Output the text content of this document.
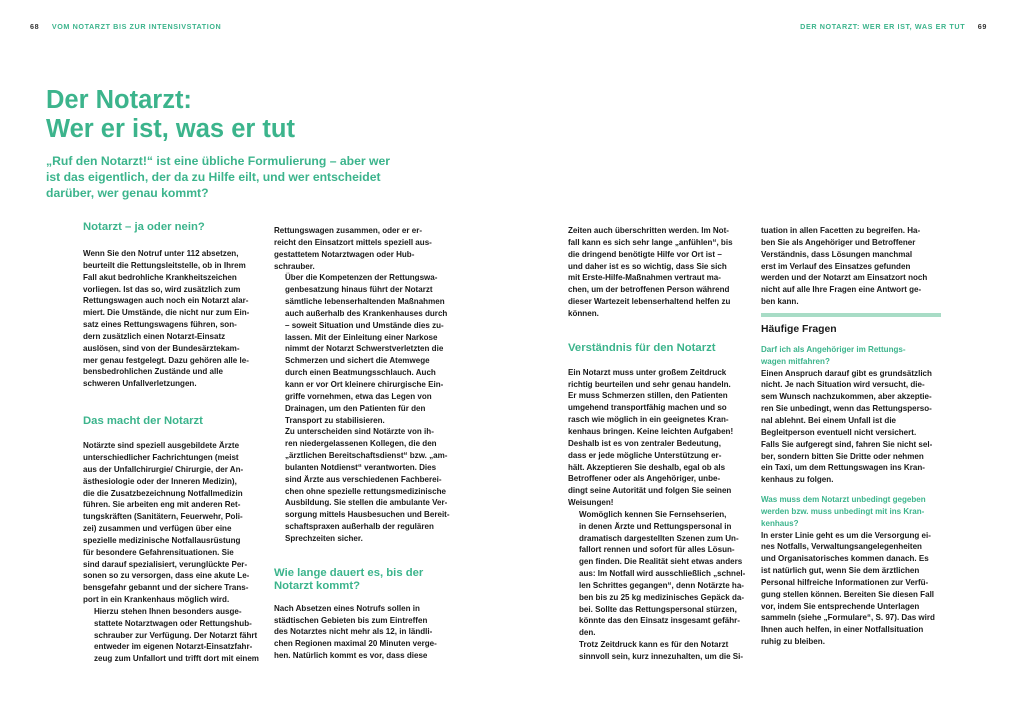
68 VOM NOTARZT BIS ZUR INTENSIVSTATION	DER NOTARZT: WER ER IST, WAS ER TUT 69
Der Notarzt:
Wer er ist, was er tut
„Ruf den Notarzt!“ ist eine übliche Formulierung – aber wer
ist das eigentlich, der da zu Hilfe eilt, und wer entscheidet
darüber, wer genau kommt?

Notarzt – ja oder nein?

Wenn Sie den Notruf unter 112 absetzen,
beurteilt die Rettungsleitstelle, ob in Ihrem
Fall akut bedrohliche Krankheitszeichen
vorliegen. Ist das so, wird zusätzlich zum
Rettungswagen auch noch ein Notarzt alar-
miert. Die Umstände, die nicht nur zum Ein-
satz eines Rettungswagens führen, son-
dern zusätzlich einen Notarzt-Einsatz
auslösen, sind von der Bundesärztekam-
mer genau festgelegt. Dazu gehören alle le-
bensbedrohlichen Zustände und alle
schweren Unfallverletzungen.

Das macht der Notarzt

Notärzte sind speziell ausgebildete Ärzte
unterschiedlicher Fachrichtungen (meist
aus der Unfallchirurgie/ Chirurgie, der An-
ästhesiologie oder der Inneren Medizin),
die die Zusatzbezeichnung Notfallmedizin
führen. Sie arbeiten eng mit anderen Ret-
tungskräften (Sanitätern, Feuerwehr, Poli-
zei) zusammen und verfügen über eine
spezielle medizinische Notfallausrüstung
für besondere Gefahrensituationen. Sie
sind darauf spezialisiert, verunglückte Per-
sonen so zu versorgen, dass eine akute Le-
bensgefahr gebannt und der sichere Trans-
port in ein Krankenhaus möglich wird.

Hierzu stehen Ihnen besonders ausge-
stattete Notarztwagen oder Rettungshub-
schrauber zur Verfügung. Der Notarzt fährt
entweder im eigenen Notarzt-Einsatzfahr-
zeug zum Unfallort und trifft dort mit einem

Rettungswagen zusammen, oder er er-
reicht den Einsatzort mittels speziell aus-
gestattetem Notarztwagen oder Hub-
schrauber.

Über die Kompetenzen der Rettungswa-
genbesatzung hinaus führt der Notarzt
sämtliche lebenserhaltenden Maßnahmen
auch außerhalb des Krankenhauses durch
– soweit Situation und Umstände dies zu-
lassen. Mit der Einleitung einer Narkose
nimmt der Notarzt Schwerstverletzten die
Schmerzen und sichert die Atemwege
durch einen Beatmungsschlauch. Auch
kann er vor Ort kleinere chirurgische Ein-
griffe vornehmen, etwa das Legen von
Drainagen, um den Patienten für den
Transport zu stabilisieren.

Zu unterscheiden sind Notärzte von ih-
ren niedergelassenen Kollegen, die den
„ärztlichen Bereitschaftsdienst“ bzw. „am-
bulanten Notdienst“ verantworten. Dies
sind Ärzte aus verschiedenen Fachberei-
chen ohne spezielle rettungsmedizinische
Ausbildung. Sie stellen die ambulante Ver-
sorgung mittels Hausbesuchen und Bereit-
schaftspraxen außerhalb der regulären
Sprechzeiten sicher.

Wie lange dauert es, bis der
Notarzt kommt?

Nach Absetzen eines Notrufs sollen in
städtischen Gebieten bis zum Eintreffen
des Notarztes nicht mehr als 12, in ländli-
chen Regionen maximal 20 Minuten verge-
hen. Natürlich kommt es vor, dass diese

Zeiten auch überschritten werden. Im Not-
fall kann es sich sehr lange „anfühlen“, bis
die dringend benötigte Hilfe vor Ort ist –
und daher ist es so wichtig, dass Sie sich
mit Erste-Hilfe-Maßnahmen vertraut ma-
chen, um der betroffenen Person während
dieser Wartezeit lebenserhaltend helfen zu
können.

Verständnis für den Notarzt

Ein Notarzt muss unter großem Zeitdruck
richtig beurteilen und sehr genau handeln.
Er muss Schmerzen stillen, den Patienten
umgehend transportfähig machen und so
rasch wie möglich in ein geeignetes Kran-
kenhaus bringen. Keine leichten Aufgaben!
Deshalb ist es von zentraler Bedeutung,
dass er jede mögliche Unterstützung er-
hält. Akzeptieren Sie deshalb, egal ob als
Betroffener oder als Angehöriger, unbe-
dingt seine Autorität und folgen Sie seinen
Weisungen!

Womöglich kennen Sie Fernsehserien,
in denen Ärzte und Rettungspersonal in
dramatisch dargestellten Szenen zum Un-
fallort rennen und sofort für alles Lösun-
gen finden. Die Realität sieht etwas anders
aus: Im Notfall wird ausschließlich „schnel-
len Schrittes gegangen“, denn Notärzte ha-
ben bis zu 25 kg medizinisches Gepäck da-
bei. Sollte das Rettungspersonal stürzen,
könnte das den Einsatz insgesamt gefähr-
den.

Trotz Zeitdruck kann es für den Notarzt
sinnvoll sein, kurz innezuhalten, um die Si-

tuation in allen Facetten zu begreifen. Ha-
ben Sie als Angehöriger und Betroffener
Verständnis, dass Lösungen manchmal
erst im Verlauf des Einsatzes gefunden
werden und der Notarzt am Einsatzort noch
nicht auf alle Ihre Fragen eine Antwort ge-
ben kann.

Häufige Fragen

Darf ich als Angehöriger im Rettungs-
wagen mitfahren?

Einen Anspruch darauf gibt es grundsätzlich
nicht. Je nach Situation wird versucht, die-
sem Wunsch nachzukommen, aber akzeptie-
ren Sie unbedingt, wenn das Rettungsperso-
nal ablehnt. Bei einem Unfall ist die
Begleitperson eventuell nicht versichert.
Falls Sie aufgeregt sind, fahren Sie nicht sel-
ber, sondern bitten Sie Dritte oder nehmen
ein Taxi, um dem Rettungswagen ins Kran-
kenhaus zu folgen.

Was muss dem Notarzt unbedingt gegeben
werden bzw. muss unbedingt mit ins Kran-
kenhaus?

In erster Linie geht es um die Versorgung ei-
nes Notfalls, Verwaltungsangelegenheiten
und Organisatorisches kommen danach. Es
ist natürlich gut, wenn Sie dem ärztlichen
Personal hilfreiche Informationen zur Verfü-
gung stellen können. Bereiten Sie diesen Fall
vor, indem Sie entsprechende Unterlagen
sammeln (siehe „Formulare“, S. 97). Das wird
Ihnen auch helfen, in einer Notfallsituation
ruhig zu bleiben.
